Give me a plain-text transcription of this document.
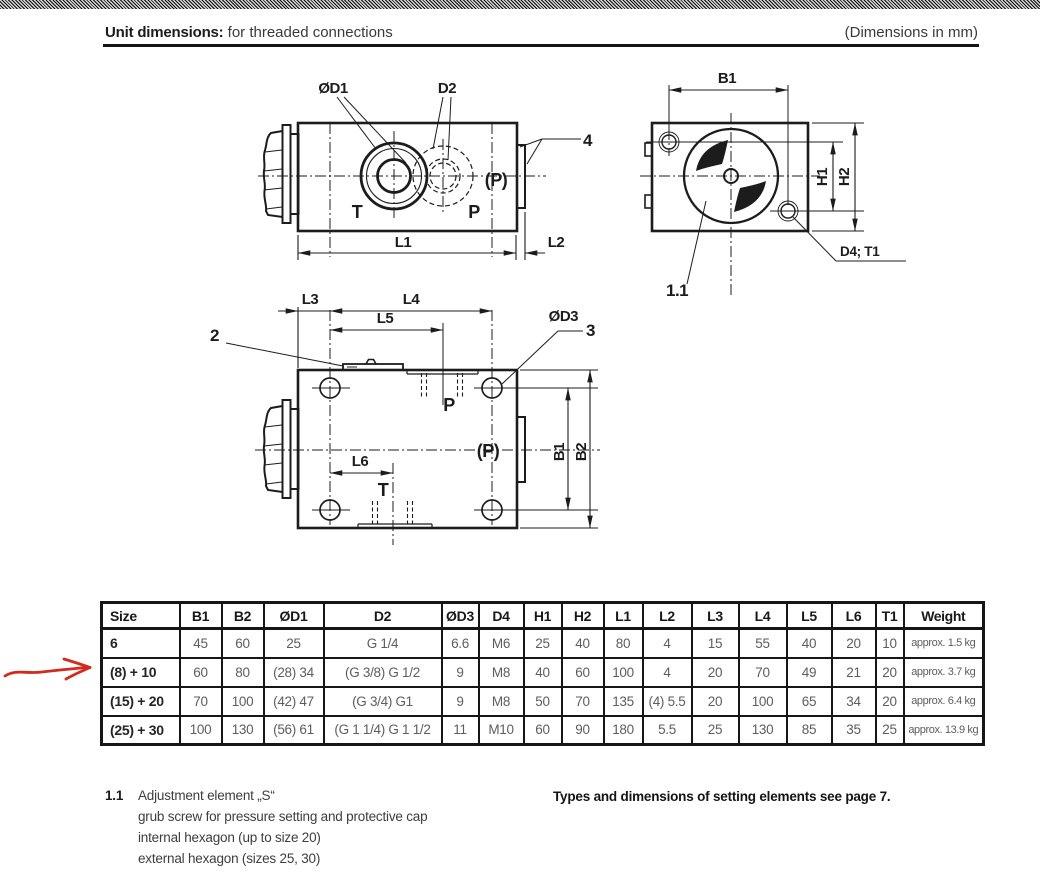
Unit dimensions: for threaded connections	(Dimensions in mm)
ØD1	D2
4
(P)
T	P
L1	L2
B1
H1 H2
D4; T1
1.1
L3	L4
L5
L6
2
ØD3
3
P
(P)
T
B1 B2
Size	B1	B2	ØD1	D2	ØD3	D4	H1	H2	L1	L2	L3	L4	L5	L6	T1	Weight
6	45	60	25	G 1/4	6.6	M6	25	40	80	4	15	55	40	20	10	approx. 1.5 kg
(8) + 10	60	80	(28) 34	(G 3/8) G 1/2	9	M8	40	60	100	4	20	70	49	21	20	approx. 3.7 kg
(15) + 20	70	100	(42) 47	(G 3/4) G1	9	M8	50	70	135	(4) 5.5	20	100	65	34	20	approx. 6.4 kg
(25) + 30	100	130	(56) 61	(G 1 1/4) G 1 1/2	11	M10	60	90	180	5.5	25	130	85	35	25	approx. 13.9 kg
1.1 Adjustment element „S“
grub screw for pressure setting and protective cap
internal hexagon (up to size 20)
external hexagon (sizes 25, 30)
Types and dimensions of setting elements see page 7.
